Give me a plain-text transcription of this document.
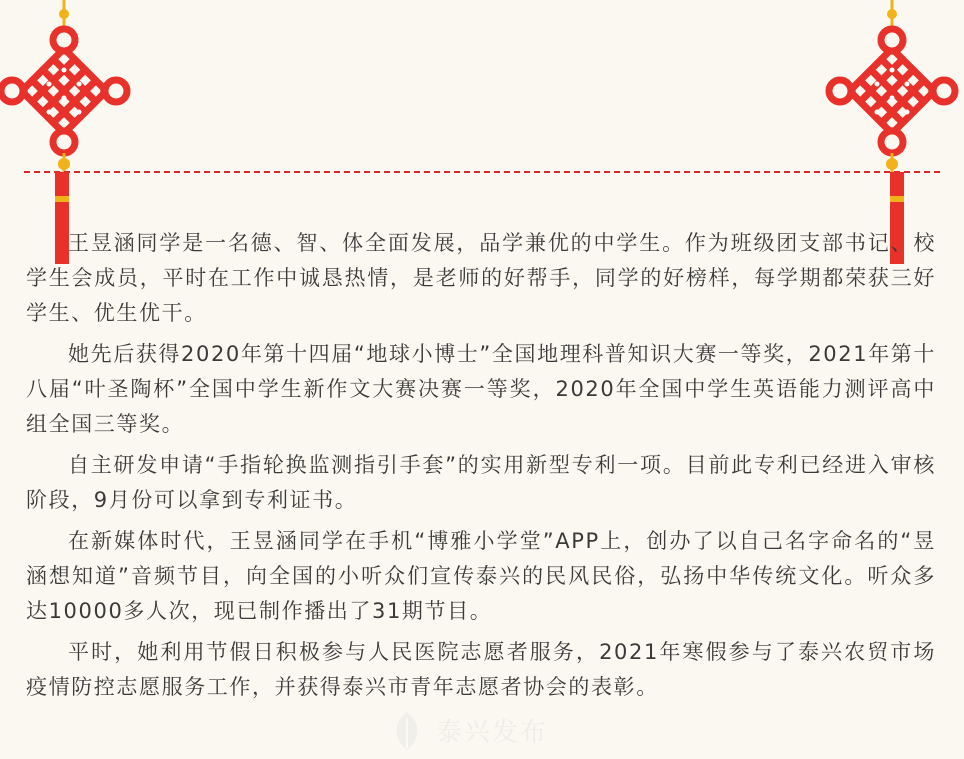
王昱涵同学是一名德、智、体全面发展，品学兼优的中学生。作为班级团支部书记、校学生会成员，平时在工作中诚恳热情，是老师的好帮手，同学的好榜样，每学期都荣获三好学生、优生优干。

她先后获得2020年第十四届“地球小博士”全国地理科普知识大赛一等奖，2021年第十八届“叶圣陶杯”全国中学生新作文大赛决赛一等奖，2020年全国中学生英语能力测评高中组全国三等奖。

自主研发申请“手指轮换监测指引手套”的实用新型专利一项。目前此专利已经进入审核阶段，9月份可以拿到专利证书。

在新媒体时代，王昱涵同学在手机“博雅小学堂”APP上，创办了以自己名字命名的“昱涵想知道”音频节目，向全国的小听众们宣传泰兴的民风民俗，弘扬中华传统文化。听众多达10000多人次，现已制作播出了31期节目。

平时，她利用节假日积极参与人民医院志愿者服务，2021年寒假参与了泰兴农贸市场疫情防控志愿服务工作，并获得泰兴市青年志愿者协会的表彰。

泰兴发布
